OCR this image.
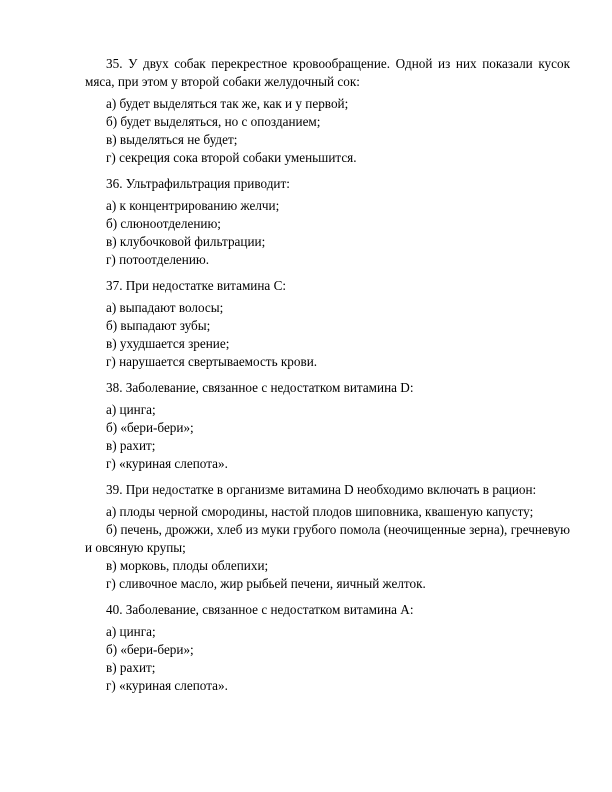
35. У двух собак перекрестное кровообращение. Одной из них показали кусок мяса, при этом у второй собаки желудочный сок:

а) будет выделяться так же, как и у первой;

б) будет выделяться, но с опозданием;

в) выделяться не будет;

г) секреция сока второй собаки уменьшится.

36. Ультрафильтрация приводит:

а) к концентрированию желчи;

б) слюноотделению;

в) клубочковой фильтрации;

г) потоотделению.

37. При недостатке витамина С:

а) выпадают волосы;

б) выпадают зубы;

в) ухудшается зрение;

г) нарушается свертываемость крови.

38. Заболевание, связанное с недостатком витамина D:

а) цинга;

б) «бери-бери»;

в) рахит;

г) «куриная слепота».

39. При недостатке в организме витамина D необходимо включать в рацион:

а) плоды черной смородины, настой плодов шиповника, квашеную капусту;

б) печень, дрожжи, хлеб из муки грубого помола (неочищенные зерна), гречневую и овсяную крупы;

в) морковь, плоды облепихи;

г) сливочное масло, жир рыбьей печени, яичный желток.

40. Заболевание, связанное с недостатком витамина А:

а) цинга;

б) «бери-бери»;

в) рахит;

г) «куриная слепота».
